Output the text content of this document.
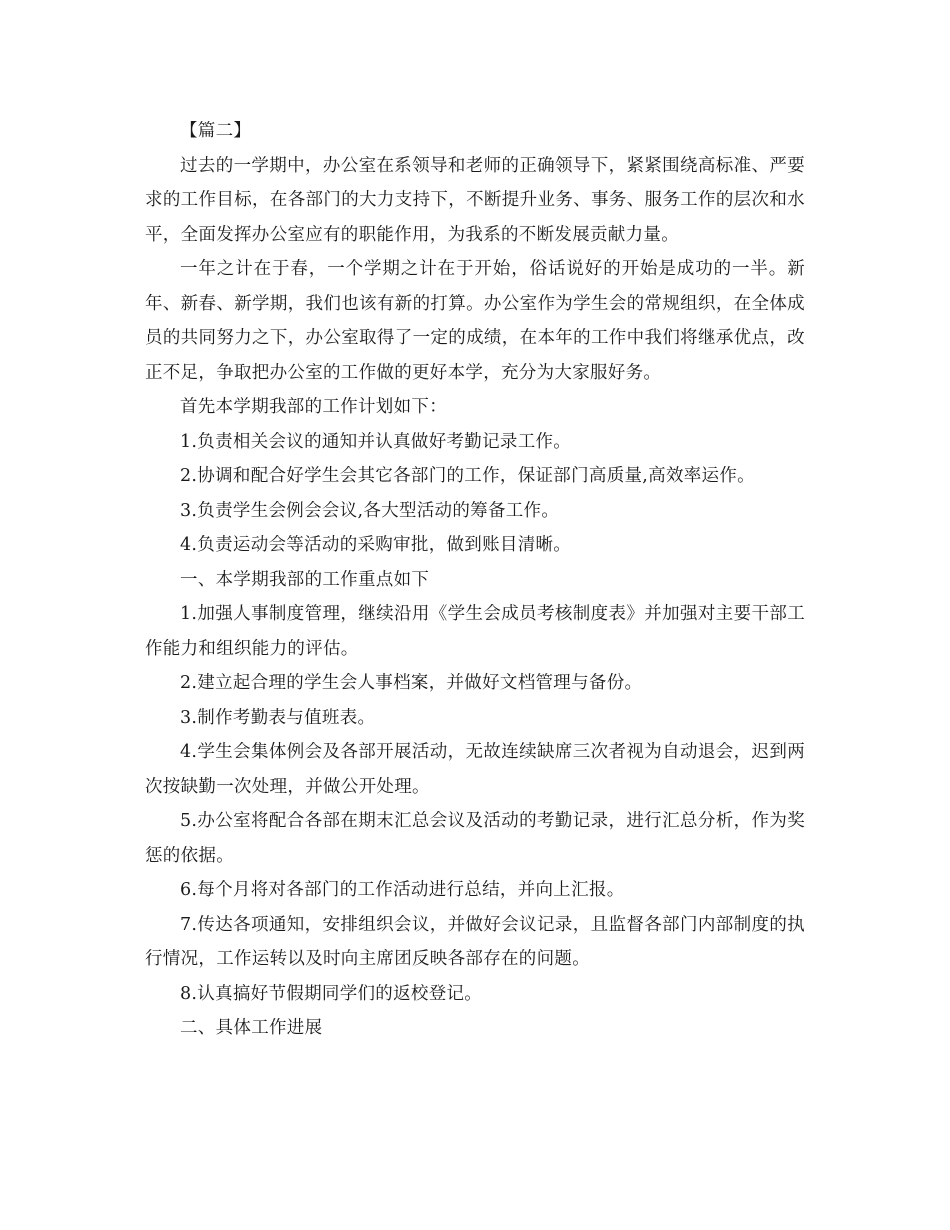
【篇二】

过去的一学期中，办公室在系领导和老师的正确领导下，紧紧围绕高标准、严要求的工作目标，在各部门的大力支持下，不断提升业务、事务、服务工作的层次和水平，全面发挥办公室应有的职能作用，为我系的不断发展贡献力量。

一年之计在于春，一个学期之计在于开始，俗话说好的开始是成功的一半。新年、新春、新学期，我们也该有新的打算。办公室作为学生会的常规组织，在全体成员的共同努力之下，办公室取得了一定的成绩，在本年的工作中我们将继承优点，改正不足，争取把办公室的工作做的更好本学，充分为大家服好务。

首先本学期我部的工作计划如下：

1.负责相关会议的通知并认真做好考勤记录工作。

2.协调和配合好学生会其它各部门的工作，保证部门高质量,高效率运作。

3.负责学生会例会会议,各大型活动的筹备工作。

4.负责运动会等活动的采购审批，做到账目清晰。

一、本学期我部的工作重点如下

1.加强人事制度管理，继续沿用《学生会成员考核制度表》并加强对主要干部工作能力和组织能力的评估。

2.建立起合理的学生会人事档案，并做好文档管理与备份。

3.制作考勤表与值班表。

4.学生会集体例会及各部开展活动，无故连续缺席三次者视为自动退会，迟到两次按缺勤一次处理，并做公开处理。

5.办公室将配合各部在期末汇总会议及活动的考勤记录，进行汇总分析，作为奖惩的依据。

6.每个月将对各部门的工作活动进行总结，并向上汇报。

7.传达各项通知，安排组织会议，并做好会议记录，且监督各部门内部制度的执行情况，工作运转以及时向主席团反映各部存在的问题。

8.认真搞好节假期同学们的返校登记。

二、具体工作进展
